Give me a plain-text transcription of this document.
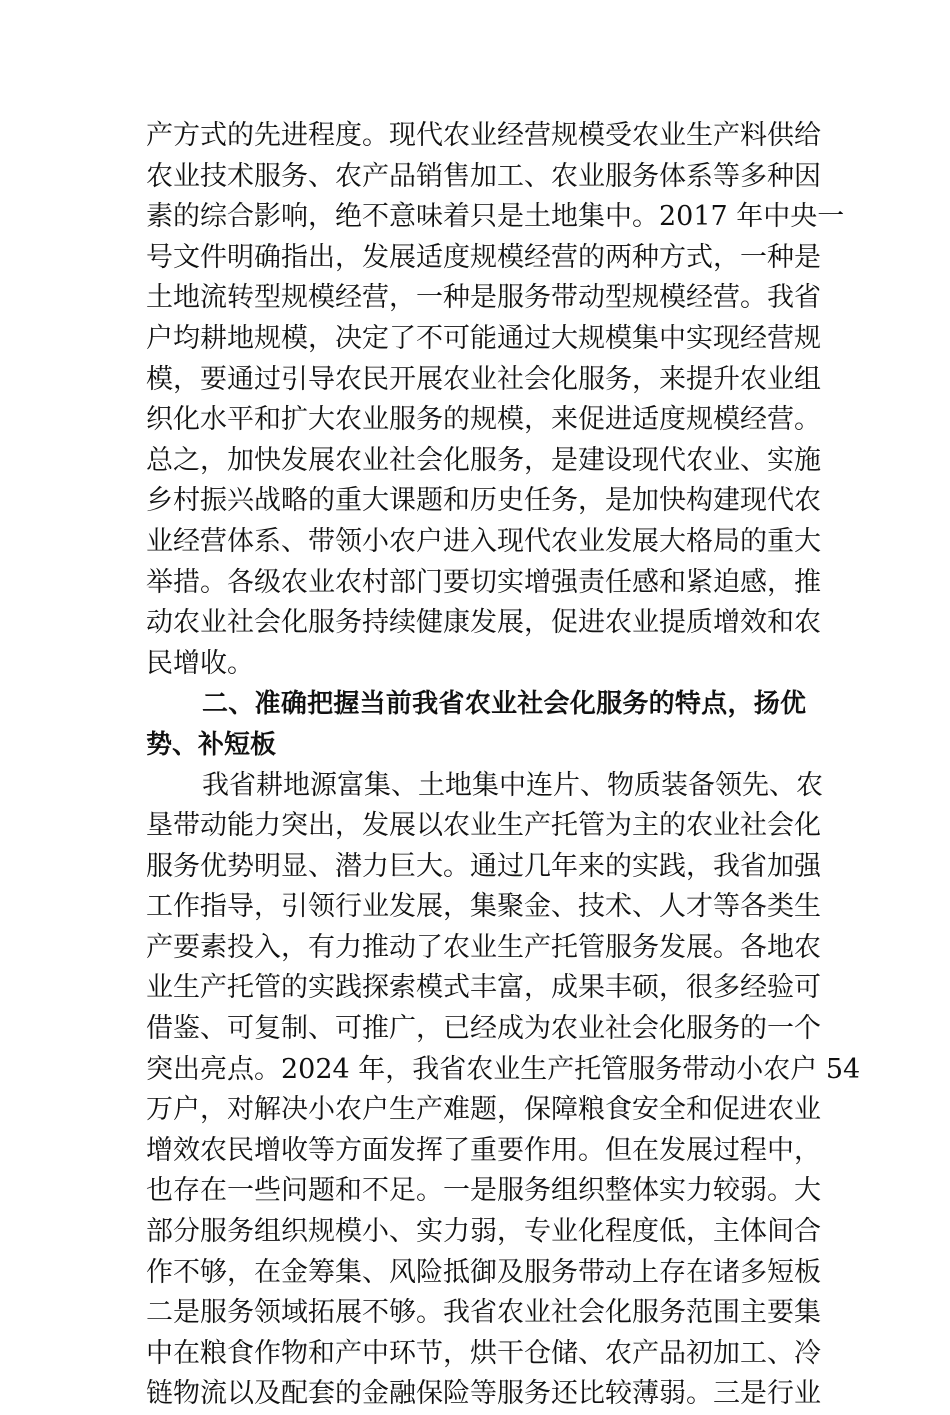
产方式的先进程度。现代农业经营规模受农业生产料供给
农业技术服务、农产品销售加工、农业服务体系等多种因
素的综合影响，绝不意味着只是土地集中。2017 年中央一
号文件明确指出，发展适度规模经营的两种方式，一种是
土地流转型规模经营，一种是服务带动型规模经营。我省
户均耕地规模，决定了不可能通过大规模集中实现经营规
模，要通过引导农民开展农业社会化服务，来提升农业组
织化水平和扩大农业服务的规模，来促进适度规模经营。
总之，加快发展农业社会化服务，是建设现代农业、实施
乡村振兴战略的重大课题和历史任务，是加快构建现代农
业经营体系、带领小农户进入现代农业发展大格局的重大
举措。各级农业农村部门要切实增强责任感和紧迫感，推
动农业社会化服务持续健康发展，促进农业提质增效和农
民增收。
二、准确把握当前我省农业社会化服务的特点，扬优
势、补短板
我省耕地源富集、土地集中连片、物质装备领先、农
垦带动能力突出，发展以农业生产托管为主的农业社会化
服务优势明显、潜力巨大。通过几年来的实践，我省加强
工作指导，引领行业发展，集聚金、技术、人才等各类生
产要素投入，有力推动了农业生产托管服务发展。各地农
业生产托管的实践探索模式丰富，成果丰硕，很多经验可
借鉴、可复制、可推广，已经成为农业社会化服务的一个
突出亮点。2024 年，我省农业生产托管服务带动小农户 54
万户，对解决小农户生产难题，保障粮食安全和促进农业
增效农民增收等方面发挥了重要作用。但在发展过程中，
也存在一些问题和不足。一是服务组织整体实力较弱。大
部分服务组织规模小、实力弱，专业化程度低，主体间合
作不够，在金筹集、风险抵御及服务带动上存在诸多短板
二是服务领域拓展不够。我省农业社会化服务范围主要集
中在粮食作物和产中环节，烘干仓储、农产品初加工、冷
链物流以及配套的金融保险等服务还比较薄弱。三是行业
